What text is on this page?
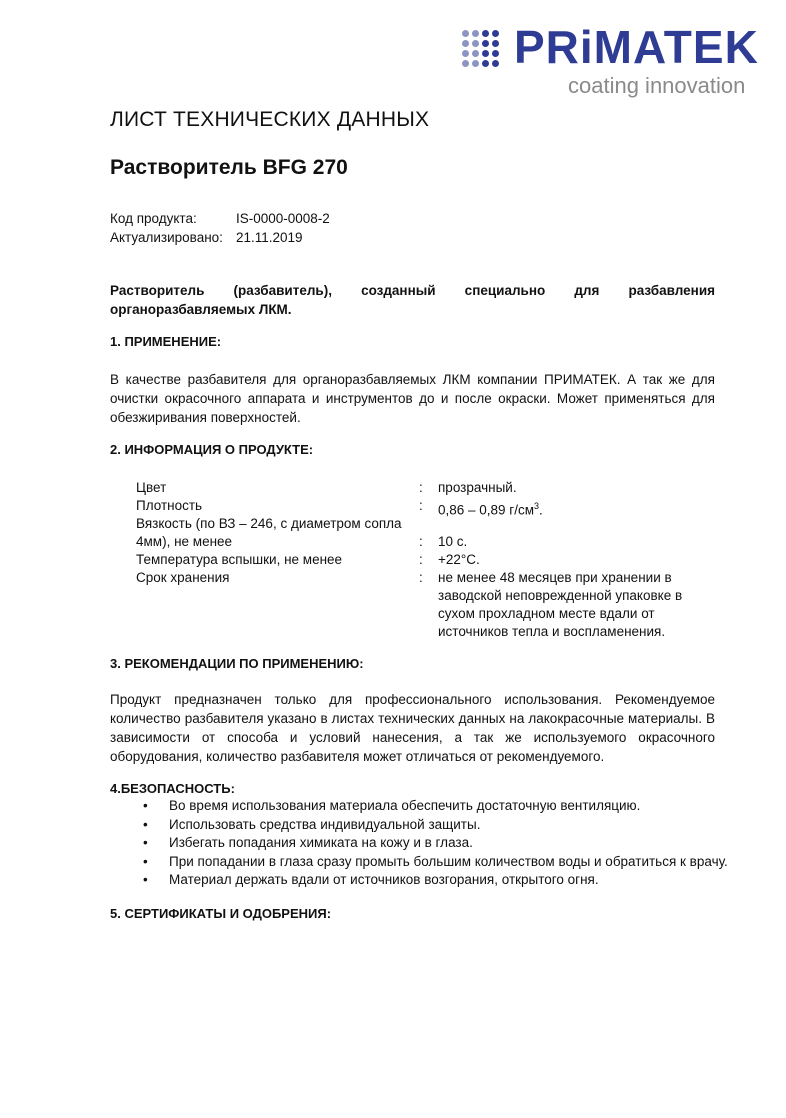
PRiMATEK
coating innovation
ЛИСТ ТЕХНИЧЕСКИХ ДАННЫХ
Растворитель BFG 270
Код продукта:	IS-0000-0008-2
Актуализировано: 21.11.2019
Растворитель (разбавитель), созданный специально для разбавления органоразбавляемых ЛКМ.
1. ПРИМЕНЕНИЕ:
В качестве разбавителя для органоразбавляемых ЛКМ компании ПРИМАТЕК. А так же для очистки окрасочного аппарата и инструментов до и после окраски. Может применяться для обезжиривания поверхностей.
2. ИНФОРМАЦИЯ О ПРОДУКТЕ:
Цвет	: прозрачный.
Плотность	: 0,86 – 0,89 $г/см^3$.
Вязкость (по ВЗ – 246, с диаметром сопла
4мм), не менее	: 10 с.
Температура вспышки, не менее	: +22°С.
Срок хранения	: не менее 48 месяцев при хранении в
заводской неповрежденной упаковке в
сухом прохладном месте вдали от
источников тепла и воспламенения.
3. РЕКОМЕНДАЦИИ ПО ПРИМЕНЕНИЮ:
Продукт предназначен только для профессионального использования. Рекомендуемое количество разбавителя указано в листах технических данных на лакокрасочные материалы. В зависимости от способа и условий нанесения, а так же используемого окрасочного оборудования, количество разбавителя может отличаться от рекомендуемого.
4.БЕЗОПАСНОСТЬ:
• Во время использования материала обеспечить достаточную вентиляцию.
• Использовать средства индивидуальной защиты.
• Избегать попадания химиката на кожу и в глаза.
• При попадании в глаза сразу промыть большим количеством воды и обратиться к врачу.
• Материал держать вдали от источников возгорания, открытого огня.
5. СЕРТИФИКАТЫ И ОДОБРЕНИЯ:
